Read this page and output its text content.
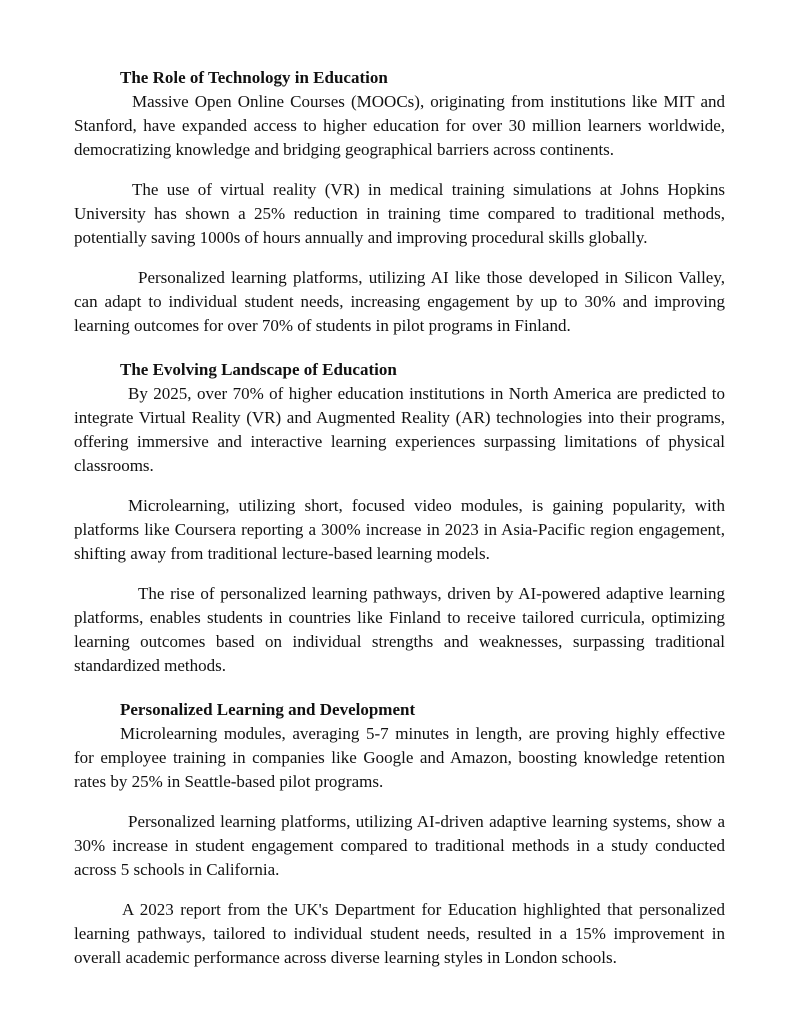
The Role of Technology in Education

Massive Open Online Courses (MOOCs), originating from institutions like MIT and Stanford, have expanded access to higher education for over 30 million learners worldwide, democratizing knowledge and bridging geographical barriers across continents.

The use of virtual reality (VR) in medical training simulations at Johns Hopkins University has shown a 25% reduction in training time compared to traditional methods, potentially saving 1000s of hours annually and improving procedural skills globally.

Personalized learning platforms, utilizing AI like those developed in Silicon Valley, can adapt to individual student needs, increasing engagement by up to 30% and improving learning outcomes for over 70% of students in pilot programs in Finland.

The Evolving Landscape of Education

By 2025, over 70% of higher education institutions in North America are predicted to integrate Virtual Reality (VR) and Augmented Reality (AR) technologies into their programs, offering immersive and interactive learning experiences surpassing limitations of physical classrooms.

Microlearning, utilizing short, focused video modules, is gaining popularity, with platforms like Coursera reporting a 300% increase in 2023 in Asia-Pacific region engagement, shifting away from traditional lecture-based learning models.

The rise of personalized learning pathways, driven by AI-powered adaptive learning platforms, enables students in countries like Finland to receive tailored curricula, optimizing learning outcomes based on individual strengths and weaknesses, surpassing traditional standardized methods.

Personalized Learning and Development

Microlearning modules, averaging 5-7 minutes in length, are proving highly effective for employee training in companies like Google and Amazon, boosting knowledge retention rates by 25% in Seattle-based pilot programs.

Personalized learning platforms, utilizing AI-driven adaptive learning systems, show a 30% increase in student engagement compared to traditional methods in a study conducted across 5 schools in California.

A 2023 report from the UK's Department for Education highlighted that personalized learning pathways, tailored to individual student needs, resulted in a 15% improvement in overall academic performance across diverse learning styles in London schools.
